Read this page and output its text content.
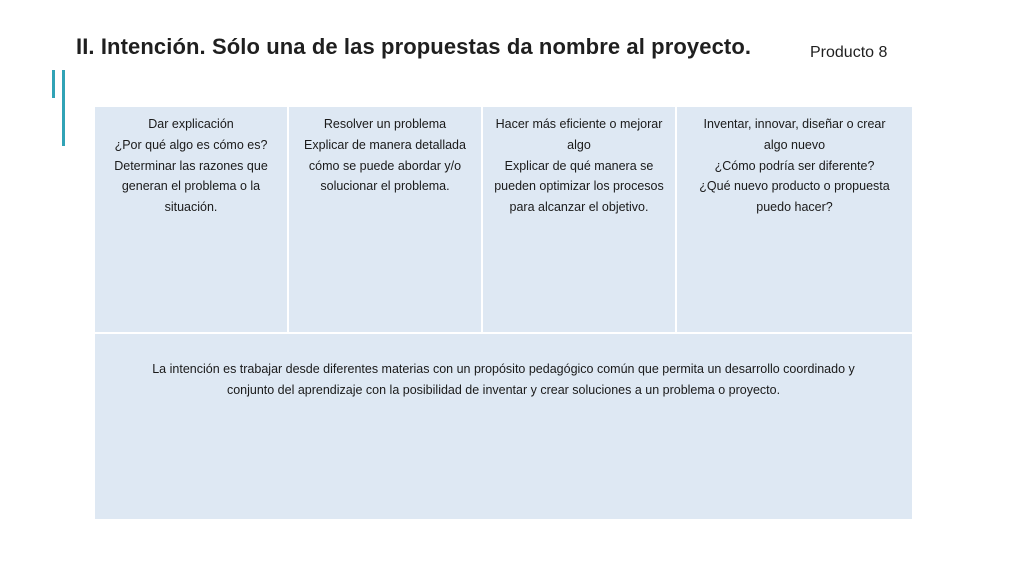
II. Intención. Sólo una de las propuestas da nombre al proyecto.	Producto 8
Dar explicación
¿Por qué algo es cómo es?
Determinar las razones que
generan el problema o la
situación.
Resolver un problema
Explicar de manera detallada
cómo se puede abordar y/o
solucionar el problema.
Hacer más eficiente o mejorar
algo
Explicar de qué manera se
pueden optimizar los procesos
para alcanzar el objetivo.
Inventar, innovar, diseñar o crear
algo nuevo
¿Cómo podría ser diferente?
¿Qué nuevo producto o propuesta
puedo hacer?
La intención es trabajar desde diferentes materias con un propósito pedagógico común que permita un desarrollo coordinado y
conjunto del aprendizaje con la posibilidad de inventar y crear soluciones a un problema o proyecto.
